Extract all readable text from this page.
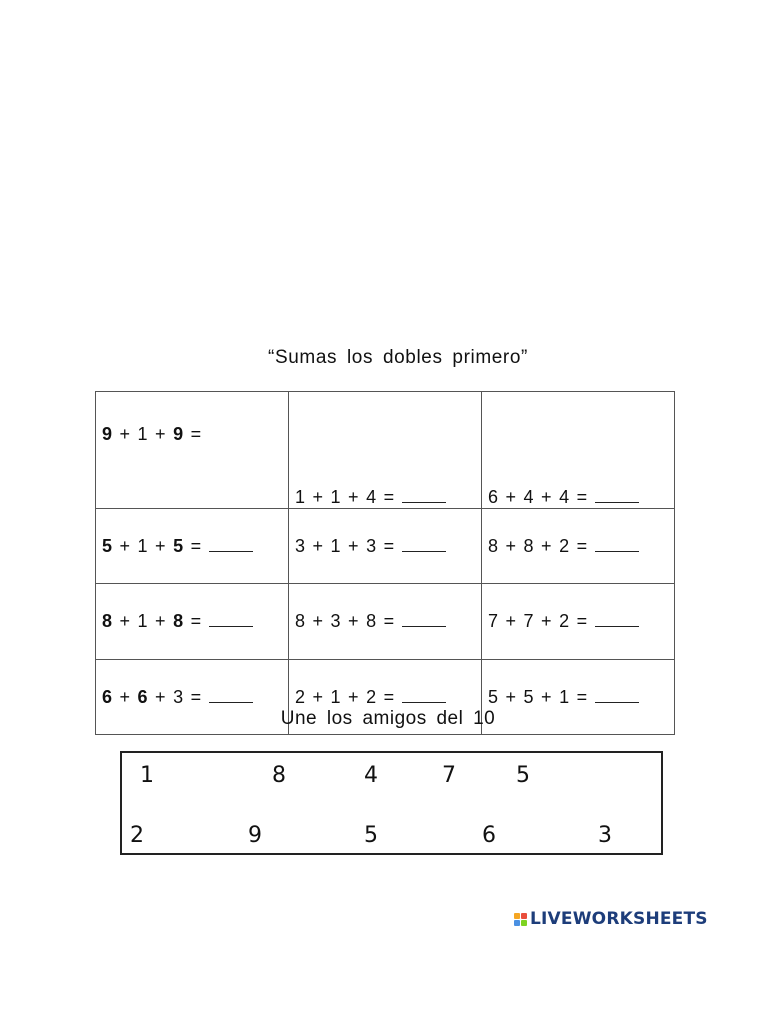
“Sumas los dobles primero”
9 + 1 + 9 =	1 + 1 + 4 =	6 + 4 + 4 =
5 + 1 + 5 =	3 + 1 + 3 =	8 + 8 + 2 =
8 + 1 + 8 =	8 + 3 + 8 =	7 + 7 + 2 =
6 + 6 + 3 =	2 + 1 + 2 =	5 + 5 + 1 =
Une los amigos del 10
1	8	4	7	5
2	9	5	6	3
LIVEWORKSHEETS
